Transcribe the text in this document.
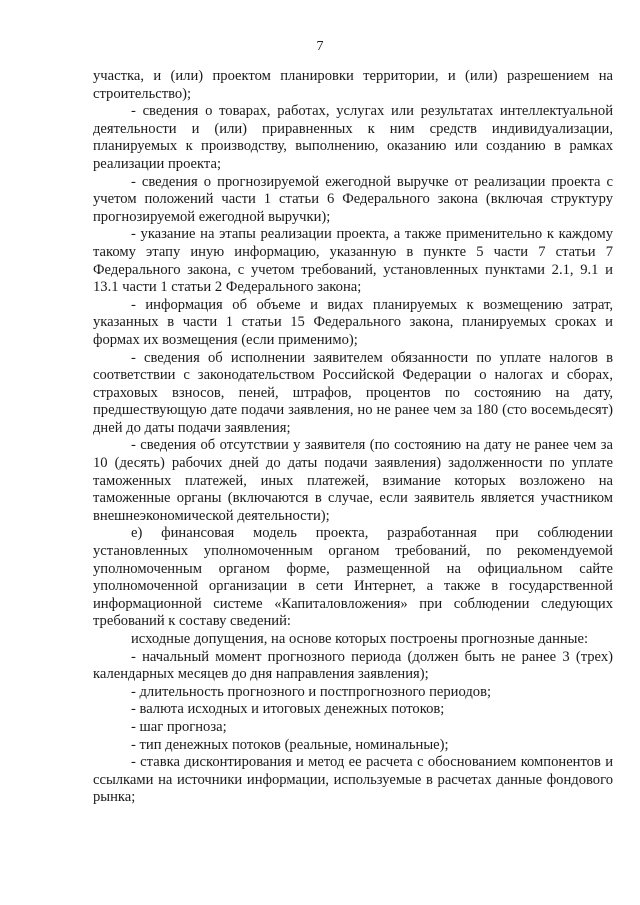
7

участка, и (или) проектом планировки территории, и (или) разрешением на строительство);

- сведения о товарах, работах, услугах или результатах интеллектуальной деятельности и (или) приравненных к ним средств индивидуализации, планируемых к производству, выполнению, оказанию или созданию в рамках реализации проекта;

- сведения о прогнозируемой ежегодной выручке от реализации проекта с учетом положений части 1 статьи 6 Федерального закона (включая структуру прогнозируемой ежегодной выручки);

- указание на этапы реализации проекта, а также применительно к каждому такому этапу иную информацию, указанную в пункте 5 части 7 статьи 7 Федерального закона, с учетом требований, установленных пунктами 2.1, 9.1 и 13.1 части 1 статьи 2 Федерального закона;

- информация об объеме и видах планируемых к возмещению затрат, указанных в части 1 статьи 15 Федерального закона, планируемых сроках и формах их возмещения (если применимо);

- сведения об исполнении заявителем обязанности по уплате налогов в соответствии с законодательством Российской Федерации о налогах и сборах, страховых взносов, пеней, штрафов, процентов по состоянию на дату, предшествующую дате подачи заявления, но не ранее чем за 180 (сто восемьдесят) дней до даты подачи заявления;

- сведения об отсутствии у заявителя (по состоянию на дату не ранее чем за 10 (десять) рабочих дней до даты подачи заявления) задолженности по уплате таможенных платежей, иных платежей, взимание которых возложено на таможенные органы (включаются в случае, если заявитель является участником внешнеэкономической деятельности);

е) финансовая модель проекта, разработанная при соблюдении установленных уполномоченным органом требований, по рекомендуемой уполномоченным органом форме, размещенной на официальном сайте уполномоченной организации в сети Интернет, а также в государственной информационной системе «Капиталовложения» при соблюдении следующих требований к составу сведений:

исходные допущения, на основе которых построены прогнозные данные:

- начальный момент прогнозного периода (должен быть не ранее 3 (трех) календарных месяцев до дня направления заявления);

- длительность прогнозного и постпрогнозного периодов;

- валюта исходных и итоговых денежных потоков;

- шаг прогноза;

- тип денежных потоков (реальные, номинальные);

- ставка дисконтирования и метод ее расчета с обоснованием компонентов и ссылками на источники информации, используемые в расчетах данные фондового рынка;
